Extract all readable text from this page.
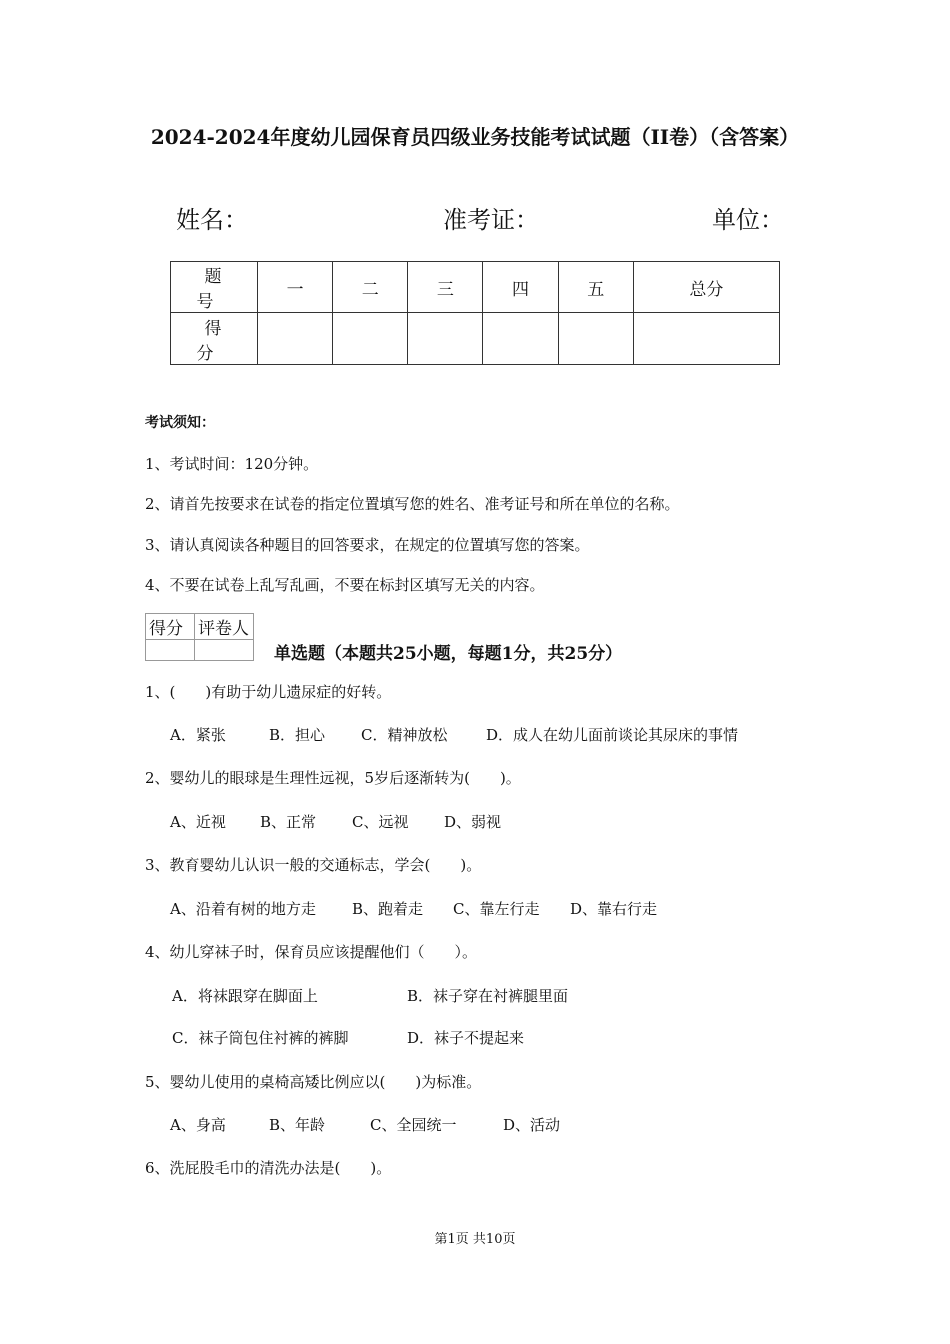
2024-2024年度幼儿园保育员四级业务技能考试试题（II卷）（含答案）
姓名：	准考证：	单位：
题　号	一	二	三	四	五	总分
得　分						
考试须知：
1、考试时间：120分钟。
2、请首先按要求在试卷的指定位置填写您的姓名、准考证号和所在单位的名称。
3、请认真阅读各种题目的回答要求，在规定的位置填写您的答案。
4、不要在试卷上乱写乱画，不要在标封区填写无关的内容。
得分	评卷人

单选题（本题共25小题，每题1分，共25分）
1、(　　)有助于幼儿遗尿症的好转。
A．紧张	B．担心 C．精神放松	D．成人在幼儿面前谈论其尿床的事情
2、婴幼儿的眼球是生理性远视，5岁后逐渐转为(　　)。
A、近视 B、正常 C、远视 D、弱视
3、教育婴幼儿认识一般的交通标志，学会(　　)。
A、沿着有树的地方走 B、跑着走 C、靠左行走 D、靠右行走
4、幼儿穿袜子时，保育员应该提醒他们（　　）。
A．将袜跟穿在脚面上	B．袜子穿在衬裤腿里面
C．袜子筒包住衬裤的裤脚	D．袜子不提起来
5、婴幼儿使用的桌椅高矮比例应以(　　)为标准。
A、身高	B、年龄	C、全园统一	D、活动
6、洗屁股毛巾的清洗办法是(　　)。
第1页 共10页
